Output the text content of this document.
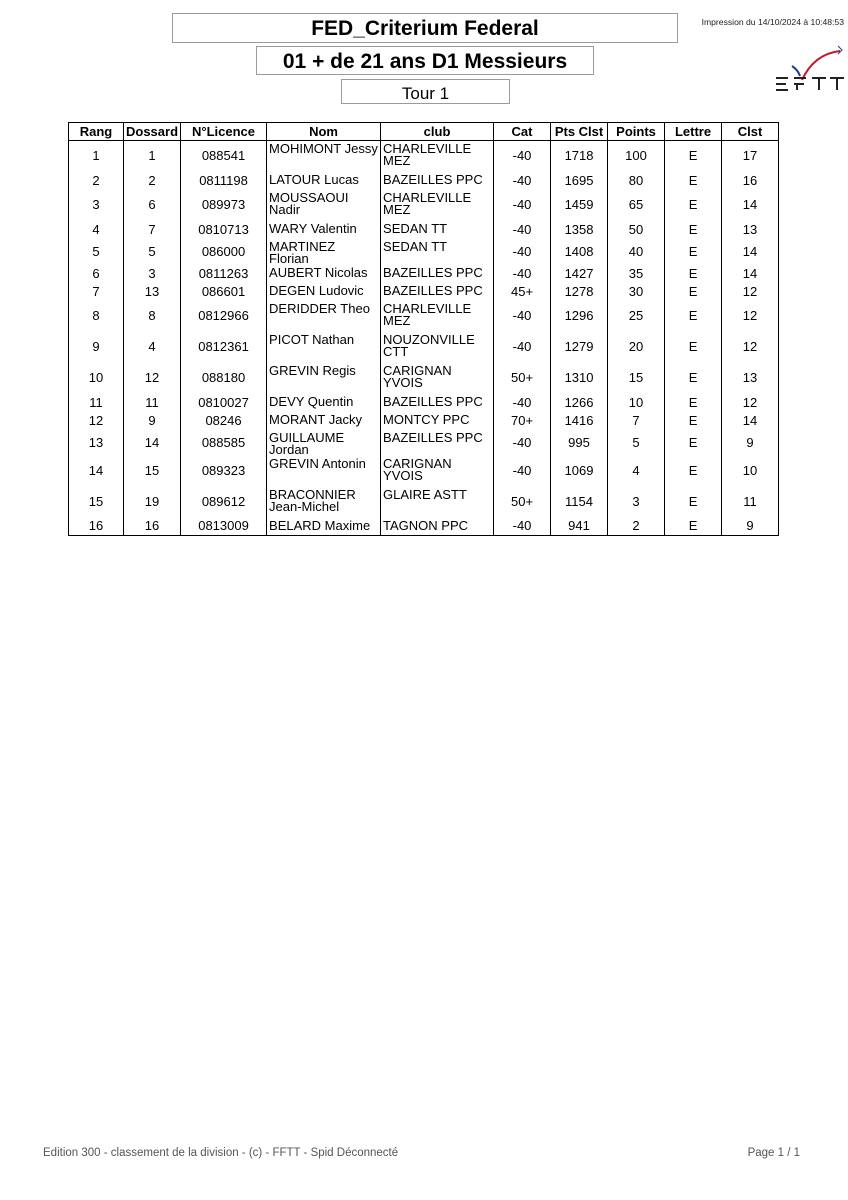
FED_Criterium Federal
01 + de 21 ans D1 Messieurs
Tour 1
Impression du 14/10/2024 à 10:48:53
Rang	Dossard	N°Licence	Nom	club	Cat	Pts Clst	Points	Lettre	Clst
1	1	088541	MOHIMONT Jessy	CHARLEVILLE MEZ	-40	1718	100	E	17
2	2	0811198	LATOUR Lucas	BAZEILLES PPC	-40	1695	80	E	16
3	6	089973	MOUSSAOUI Nadir	CHARLEVILLE MEZ	-40	1459	65	E	14
4	7	0810713	WARY Valentin	SEDAN TT	-40	1358	50	E	13
5	5	086000	MARTINEZ Florian	SEDAN TT	-40	1408	40	E	14
6	3	0811263	AUBERT Nicolas	BAZEILLES PPC	-40	1427	35	E	14
7	13	086601	DEGEN Ludovic	BAZEILLES PPC	45+	1278	30	E	12
8	8	0812966	DERIDDER Theo	CHARLEVILLE MEZ	-40	1296	25	E	12
9	4	0812361	PICOT Nathan	NOUZONVILLE CTT	-40	1279	20	E	12
10	12	088180	GREVIN Regis	CARIGNAN YVOIS	50+	1310	15	E	13
11	11	0810027	DEVY Quentin	BAZEILLES PPC	-40	1266	10	E	12
12	9	08246	MORANT Jacky	MONTCY PPC	70+	1416	7	E	14
13	14	088585	GUILLAUME Jordan	BAZEILLES PPC	-40	995	5	E	9
14	15	089323	GREVIN Antonin	CARIGNAN YVOIS	-40	1069	4	E	10
15	19	089612	BRACONNIER Jean-Michel	GLAIRE ASTT	50+	1154	3	E	11
16	16	0813009	BELARD Maxime	TAGNON PPC	-40	941	2	E	9
Edition 300 - classement de la division - (c) - FFTT - Spid Déconnecté	Page 1 / 1
